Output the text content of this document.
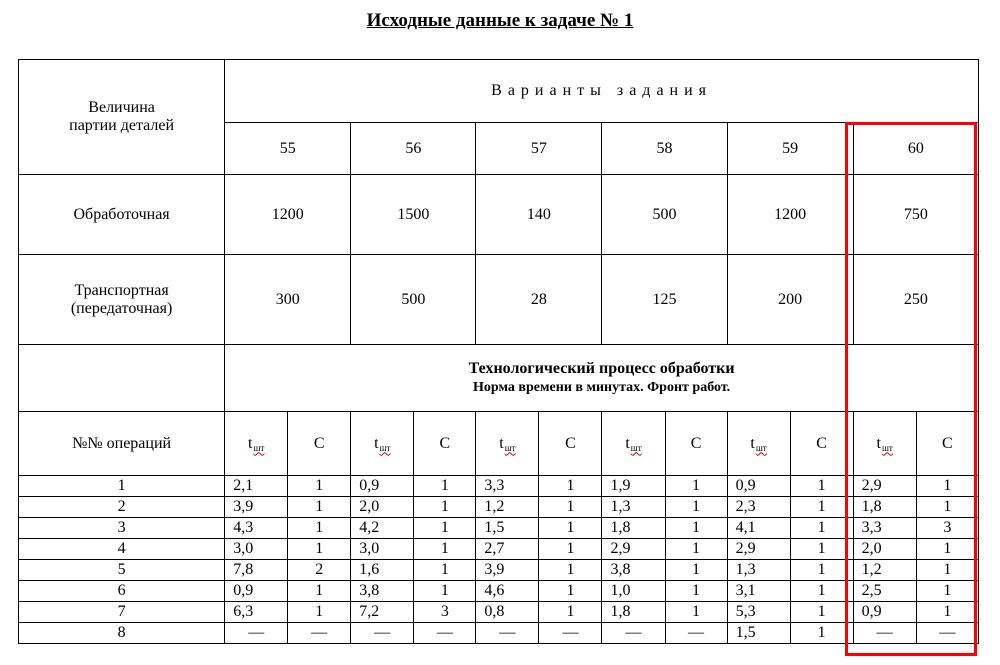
Исходные данные к задаче № 1
Величина
партии деталей	Варианты задания											
	55		56		57		58		59		60	
Обработочная	1200		1500		140		500		1200		750	

Транспортная
(передаточная)	300		500		28		125		200		250	

	Технологический процесс обработки
Норма времени в минутах. Фронт работ.											

№№ операций	tшт	С	tшт	С	tшт	С	tшт	С	tшт	С	tшт	С
1	2,1	1	0,9	1	3,3	1	1,9	1	0,9	1	2,9	1
2	3,9	1	2,0	1	1,2	1	1,3	1	2,3	1	1,8	1
3	4,3	1	4,2	1	1,5	1	1,8	1	4,1	1	3,3	3
4	3,0	1	3,0	1	2,7	1	2,9	1	2,9	1	2,0	1
5	7,8	2	1,6	1	3,9	1	3,8	1	1,3	1	1,2	1
6	0,9	1	3,8	1	4,6	1	1,0	1	3,1	1	2,5	1
7	6,3	1	7,2	3	0,8	1	1,8	1	5,3	1	0,9	1
8	—	—	—	—	—	—	—	—	1,5	1	—	—
